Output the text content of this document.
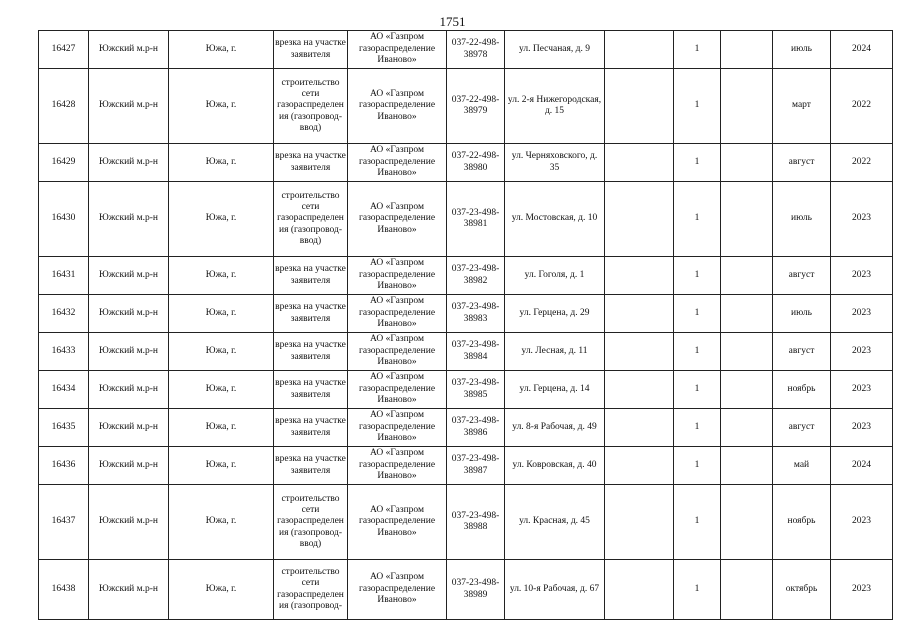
1751
16427	Южский м.р-н	Южа, г.	врезка на участке заявителя	АО «Газпром газораспределение Иваново»	037-22-498-38978	ул. Песчаная, д. 9		1		июль	2024
16428	Южский м.р-н	Южа, г.	строительство сети газораспределения (газопровод-ввод)	АО «Газпром газораспределение Иваново»	037-22-498-38979	ул. 2-я Нижегородская, д. 15		1		март	2022
16429	Южский м.р-н	Южа, г.	врезка на участке заявителя	АО «Газпром газораспределение Иваново»	037-22-498-38980	ул. Черняховского, д. 35		1		август	2022
16430	Южский м.р-н	Южа, г.	строительство сети газораспределения (газопровод-ввод)	АО «Газпром газораспределение Иваново»	037-23-498-38981	ул. Мостовская, д. 10		1		июль	2023
16431	Южский м.р-н	Южа, г.	врезка на участке заявителя	АО «Газпром газораспределение Иваново»	037-23-498-38982	ул. Гоголя, д. 1		1		август	2023
16432	Южский м.р-н	Южа, г.	врезка на участке заявителя	АО «Газпром газораспределение Иваново»	037-23-498-38983	ул. Герцена, д. 29		1		июль	2023
16433	Южский м.р-н	Южа, г.	врезка на участке заявителя	АО «Газпром газораспределение Иваново»	037-23-498-38984	ул. Лесная, д. 11		1		август	2023
16434	Южский м.р-н	Южа, г.	врезка на участке заявителя	АО «Газпром газораспределение Иваново»	037-23-498-38985	ул. Герцена, д. 14		1		ноябрь	2023
16435	Южский м.р-н	Южа, г.	врезка на участке заявителя	АО «Газпром газораспределение Иваново»	037-23-498-38986	ул. 8-я Рабочая, д. 49		1		август	2023
16436	Южский м.р-н	Южа, г.	врезка на участке заявителя	АО «Газпром газораспределение Иваново»	037-23-498-38987	ул. Ковровская, д. 40		1		май	2024
16437	Южский м.р-н	Южа, г.	строительство сети газораспределения (газопровод-ввод)	АО «Газпром газораспределение Иваново»	037-23-498-38988	ул. Красная, д. 45		1		ноябрь	2023
16438	Южский м.р-н	Южа, г.	строительство сети газораспределения (газопровод-	АО «Газпром газораспределение Иваново»	037-23-498-38989	ул. 10-я Рабочая, д. 67		1		октябрь	2023
